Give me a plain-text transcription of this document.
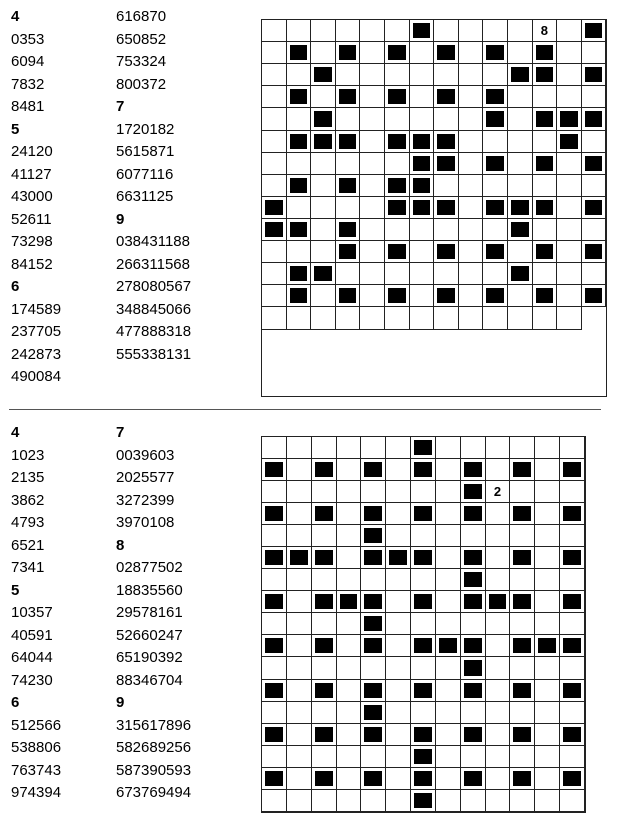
4
0353
6094
7832
8481
5
24120
41127
43000
52611
73298
84152
6
174589
237705
242873
490084
616870
650852
753324
800372
7
1720182
5615871
6077116
6631125
9
038431188
266311568
278080567
348845066
477888318
555338131
8
4
1023
2135
3862
4793
6521
7341
5
10357
40591
64044
74230
6
512566
538806
763743
974394
7
0039603
2025577
3272399
3970108
8
02877502
18835560
29578161
52660247
65190392
88346704
9
315617896
582689256
587390593
673769494
2
